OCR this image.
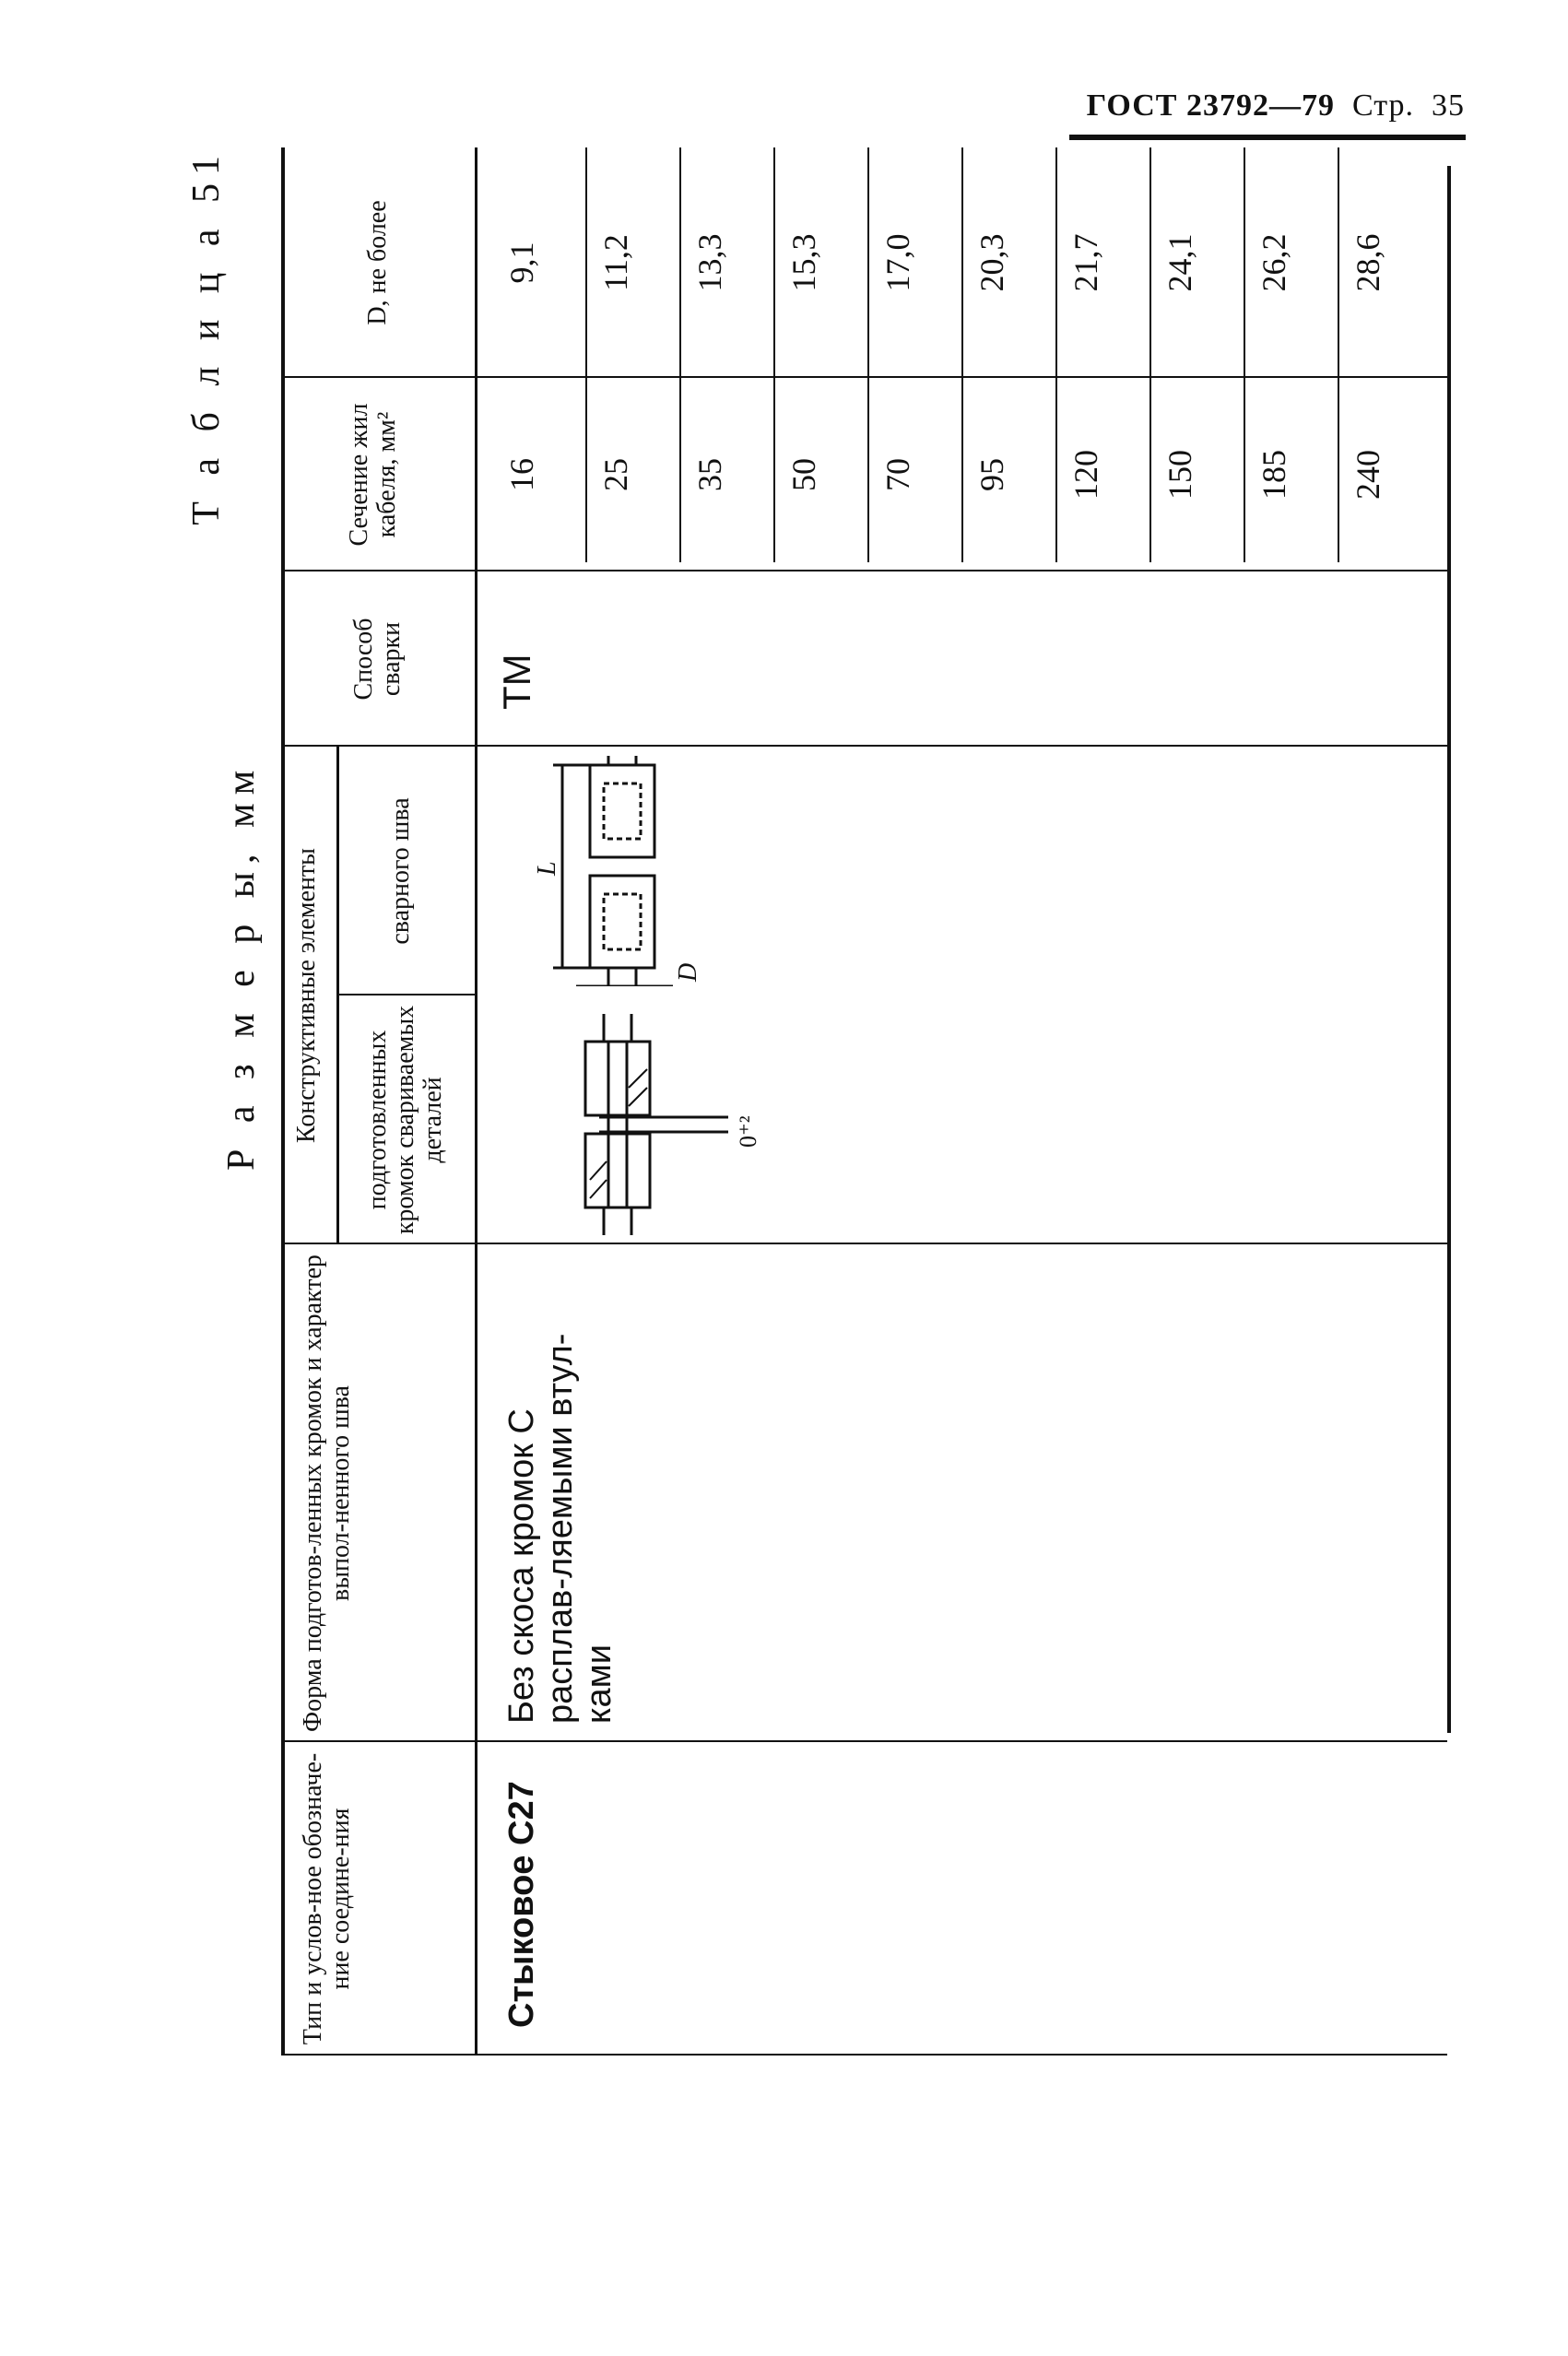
ГОСТ 23792—79 Стр. 35
Т а б л и ц а 51
Р а з м е р ы, мм
Тип и услов-ное обозначе-ние соедине-ния
Форма подготов-ленных кромок и характер выпол-ненного шва
Конструктивные элементы подготовленных кромок свариваемых деталей
сварного шва
Способ сварки
Сечение жил кабеля, мм²
D, не более
Стыковое С27
Без скоса кромок С расплав-ляемыми втул-ками
ТМ
0⁺²
L
D
16
9,1
25
11,2
35
13,3
50
15,3
70
17,0
95
20,3
120
21,7
150
24,1
185
26,2
240
28,6
